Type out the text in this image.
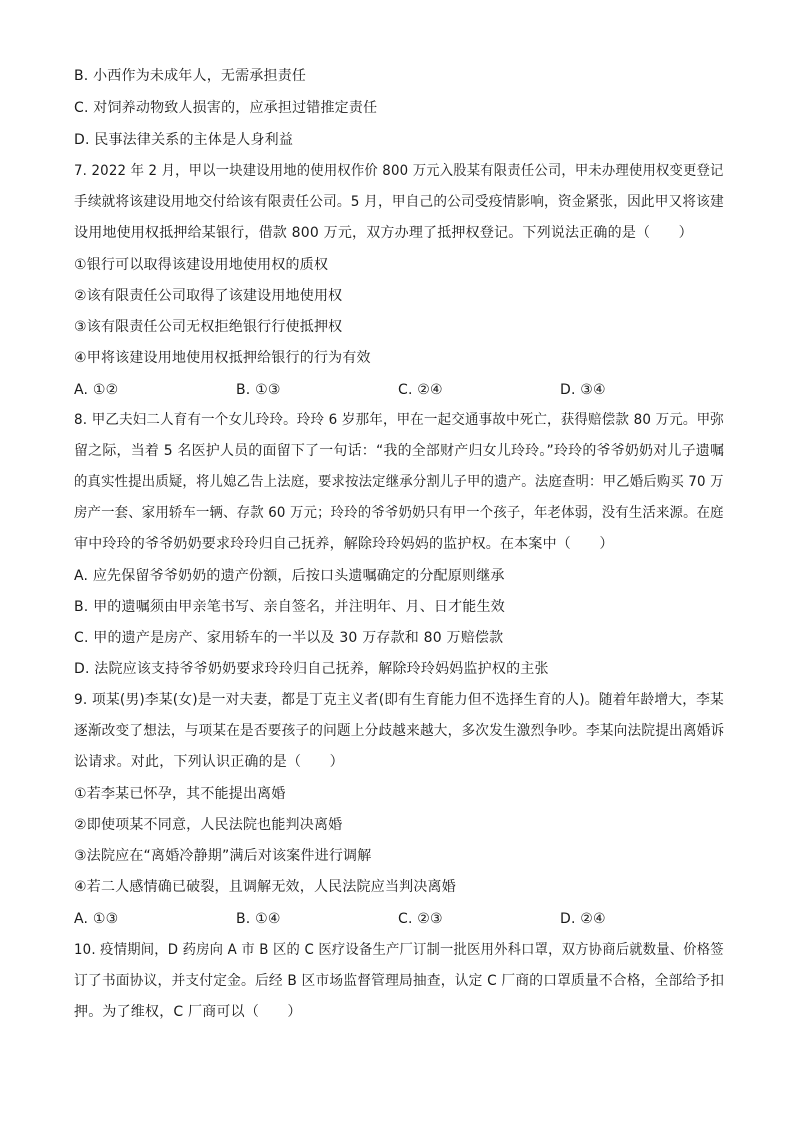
B. 小西作为未成年人，无需承担责任
C. 对饲养动物致人损害的，应承担过错推定责任
D. 民事法律关系的主体是人身利益
7. 2022 年 2 月，甲以一块建设用地的使用权作价 800 万元入股某有限责任公司，甲未办理使用权变更登记
手续就将该建设用地交付给该有限责任公司。5 月，甲自己的公司受疫情影响，资金紧张，因此甲又将该建
设用地使用权抵押给某银行，借款 800 万元，双方办理了抵押权登记。下列说法正确的是（　　）
①银行可以取得该建设用地使用权的质权
②该有限责任公司取得了该建设用地使用权
③该有限责任公司无权拒绝银行行使抵押权
④甲将该建设用地使用权抵押给银行的行为有效
A. ①②	B. ①③	C. ②④	D. ③④
8. 甲乙夫妇二人育有一个女儿玲玲。玲玲 6 岁那年，甲在一起交通事故中死亡，获得赔偿款 80 万元。甲弥
留之际，当着 5 名医护人员的面留下了一句话：“我的全部财产归女儿玲玲。”玲玲的爷爷奶奶对儿子遗嘱
的真实性提出质疑，将儿媳乙告上法庭，要求按法定继承分割儿子甲的遗产。法庭查明：甲乙婚后购买 70 万
房产一套、家用轿车一辆、存款 60 万元；玲玲的爷爷奶奶只有甲一个孩子，年老体弱，没有生活来源。在庭
审中玲玲的爷爷奶奶要求玲玲归自己抚养，解除玲玲妈妈的监护权。在本案中（　　）
A. 应先保留爷爷奶奶的遗产份额，后按口头遗嘱确定的分配原则继承
B. 甲的遗嘱须由甲亲笔书写、亲自签名，并注明年、月、日才能生效
C. 甲的遗产是房产、家用轿车的一半以及 30 万存款和 80 万赔偿款
D. 法院应该支持爷爷奶奶要求玲玲归自己抚养，解除玲玲妈妈监护权的主张
9. 项某(男)李某(女)是一对夫妻，都是丁克主义者(即有生育能力但不选择生育的人)。随着年龄增大，李某
逐渐改变了想法，与项某在是否要孩子的问题上分歧越来越大，多次发生激烈争吵。李某向法院提出离婚诉
讼请求。对此，下列认识正确的是（　　）
①若李某已怀孕，其不能提出离婚
②即使项某不同意，人民法院也能判决离婚
③法院应在“离婚冷静期”满后对该案件进行调解
④若二人感情确已破裂，且调解无效，人民法院应当判决离婚
A. ①③	B. ①④	C. ②③	D. ②④
10. 疫情期间，D 药房向 A 市 B 区的 C 医疗设备生产厂订制一批医用外科口罩，双方协商后就数量、价格签
订了书面协议，并支付定金。后经 B 区市场监督管理局抽查，认定 C 厂商的口罩质量不合格，全部给予扣
押。为了维权，C 厂商可以（　　）
